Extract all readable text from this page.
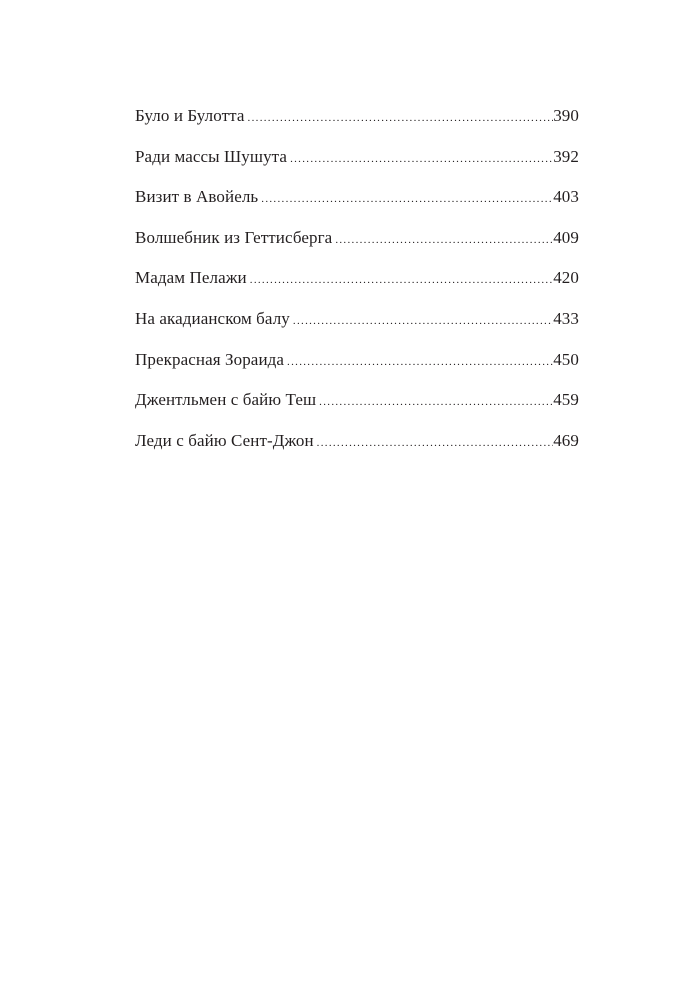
Було и Булотта .....	390
Ради массы Шушута .....	392
Визит в Авойель .....	403
Волшебник из Геттисберга .....	409
Мадам Пелажи .....	420
На акадианском балу .....	433
Прекрасная Зораида .....	450
Джентльмен с байю Теш .....	459
Леди с байю Сент-Джон .....	469
